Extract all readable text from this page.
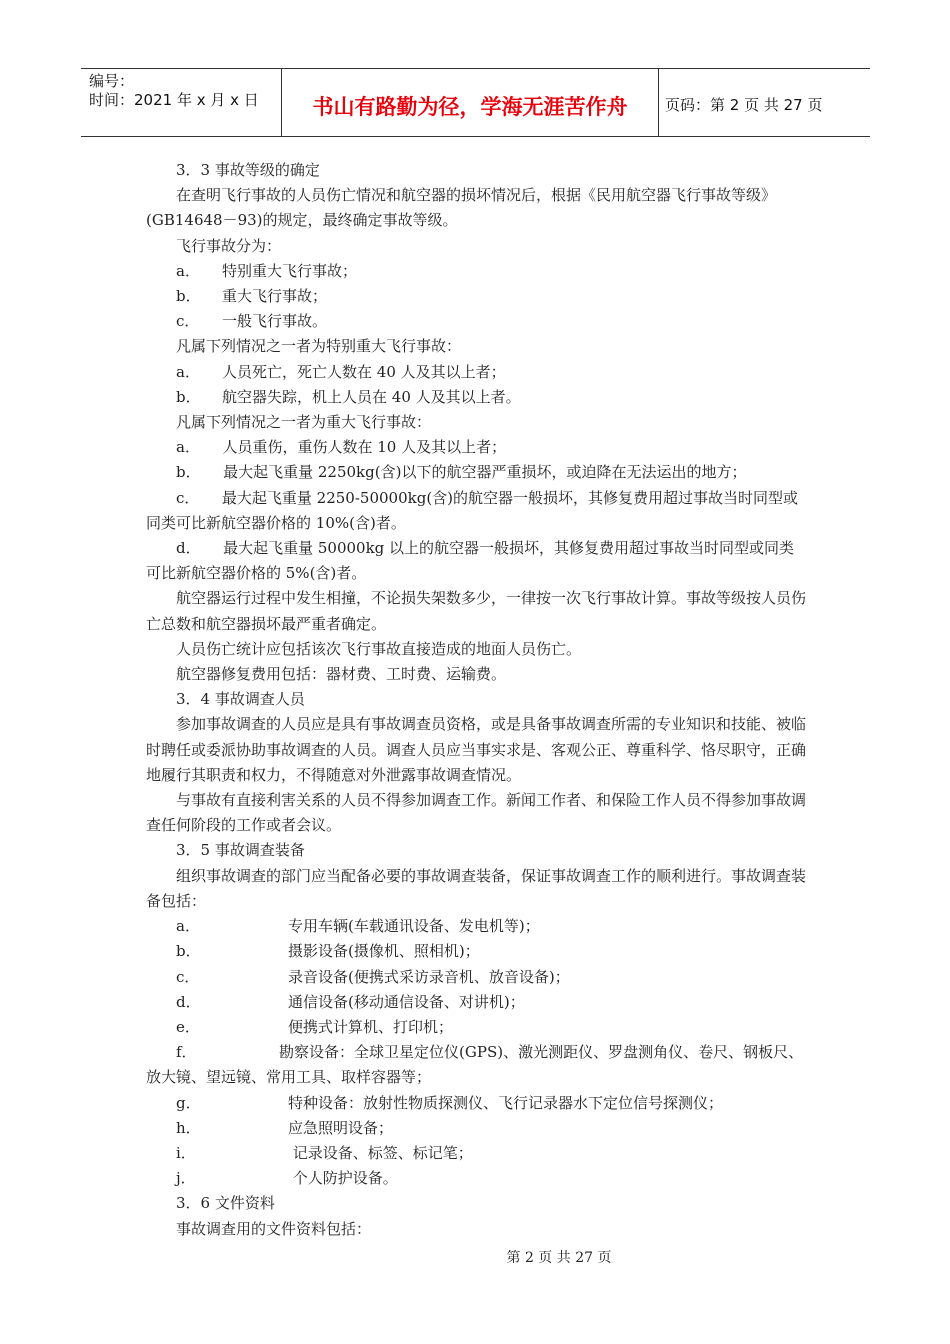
编号：
时间：2021 年 x 月 x 日	书山有路勤为径，学海无涯苦作舟	页码：第 2 页 共 27 页

3．3 事故等级的确定

在查明飞行事故的人员伤亡情况和航空器的损坏情况后，根据《民用航空器飞行事故等级》(GB14648－93)的规定，最终确定事故等级。

飞行事故分为：

a． 特别重大飞行事故；

b． 重大飞行事故；

c． 一般飞行事故。

凡属下列情况之一者为特别重大飞行事故：

a． 人员死亡，死亡人数在 40 人及其以上者；

b． 航空器失踪，机上人员在 40 人及其以上者。

凡属下列情况之一者为重大飞行事故：

a．　　人员重伤，重伤人数在 10 人及其以上者；

b．　　最大起飞重量 2250kg(含)以下的航空器严重损坏，或迫降在无法运出的地方；

c．　　最大起飞重量 2250-50000kg(含)的航空器一般损坏，其修复费用超过事故当时同型或同类可比新航空器价格的 10%(含)者。

d．　　最大起飞重量 50000kg 以上的航空器一般损坏，其修复费用超过事故当时同型或同类可比新航空器价格的 5%(含)者。

航空器运行过程中发生相撞，不论损失架数多少，一律按一次飞行事故计算。事故等级按人员伤亡总数和航空器损坏最严重者确定。

人员伤亡统计应包括该次飞行事故直接造成的地面人员伤亡。

航空器修复费用包括：器材费、工时费、运输费。

3．4 事故调查人员

参加事故调查的人员应是具有事故调查员资格，或是具备事故调查所需的专业知识和技能、被临时聘任或委派协助事故调查的人员。调查人员应当事实求是、客观公正、尊重科学、恪尽职守，正确地履行其职责和权力，不得随意对外泄露事故调查情况。

与事故有直接利害关系的人员不得参加调查工作。新闻工作者、和保险工作人员不得参加事故调查任何阶段的工作或者会议。

3．5 事故调查装备

组织事故调查的部门应当配备必要的事故调查装备，保证事故调查工作的顺利进行。事故调查装备包括：

a．	专用车辆(车载通讯设备、发电机等)；

b．	摄影设备(摄像机、照相机)；

c．	录音设备(便携式采访录音机、放音设备)；

d．	通信设备(移动通信设备、对讲机)；

e．	便携式计算机、打印机；

f．　　　　　　勘察设备：全球卫星定位仪(GPS)、激光测距仪、罗盘测角仪、卷尺、钢板尺、放大镜、望远镜、常用工具、取样容器等；

g．	特种设备：放射性物质探测仪、飞行记录器水下定位信号探测仪；

h．	应急照明设备；

i．	记录设备、标签、标记笔；

j．	个人防护设备。

3．6 文件资料

事故调查用的文件资料包括：

第 2 页 共 27 页
